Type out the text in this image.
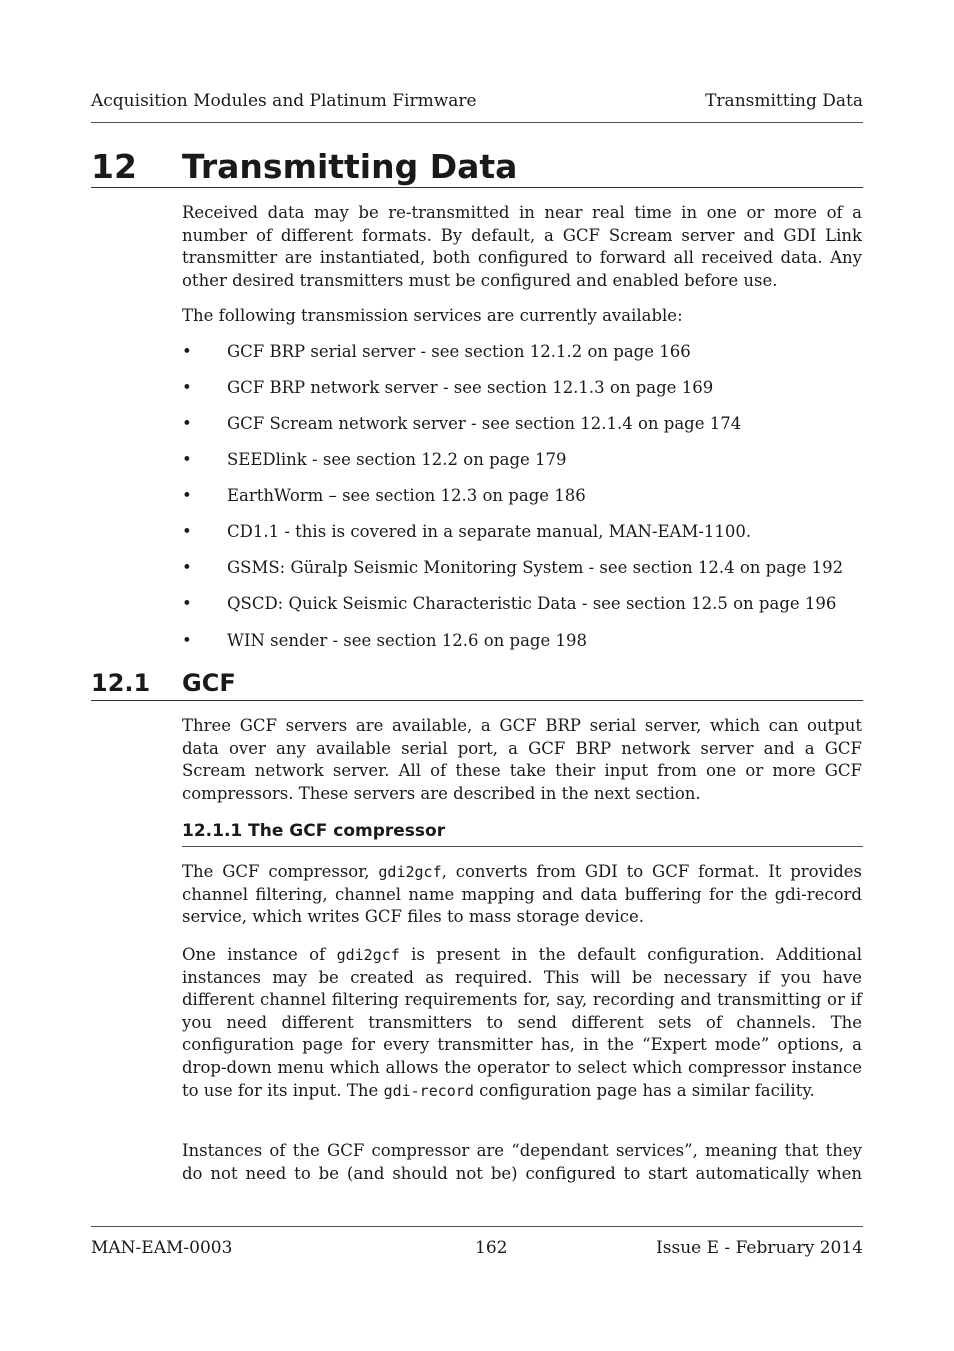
Acquisition Modules and Platinum Firmware	Transmitting Data
12 Transmitting Data

Received data may be re-transmitted in near real time in one or more of a number of different formats. By default, a GCF Scream server and GDI Link transmitter are instantiated, both configured to forward all received data. Any other desired transmitters must be configured and enabled before use.

The following transmission services are currently available:

• GCF BRP serial server - see section 12.1.2 on page 166
• GCF BRP network server - see section 12.1.3 on page 169
• GCF Scream network server - see section 12.1.4 on page 174
• SEEDlink - see section 12.2 on page 179
• EarthWorm – see section 12.3 on page 186
• CD1.1 - this is covered in a separate manual, MAN-EAM-1100.
• GSMS: Güralp Seismic Monitoring System - see section 12.4 on page 192
• QSCD: Quick Seismic Characteristic Data - see section 12.5 on page 196
• WIN sender - see section 12.6 on page 198
12.1 GCF

Three GCF servers are available, a GCF BRP serial server, which can output data over any available serial port, a GCF BRP network server and a GCF Scream network server. All of these take their input from one or more GCF compressors. These servers are described in the next section.

12.1.1 The GCF compressor

The GCF compressor, gdi2gcf, converts from GDI to GCF format. It provides channel filtering, channel name mapping and data buffering for the gdi-record service, which writes GCF files to mass storage device.

One instance of gdi2gcf is present in the default configuration. Additional instances may be created as required. This will be necessary if you have different channel filtering requirements for, say, recording and transmitting or if you need different transmitters to send different sets of channels. The configuration page for every transmitter has, in the “Expert mode” options, a drop-down menu which allows the operator to select which compressor instance to use for its input. The gdi-record configuration page has a similar facility.

Instances of the GCF compressor are “dependant services”, meaning that they do not need to be (and should not be) configured to start automatically when

MAN-EAM-0003	162	Issue E - February 2014
